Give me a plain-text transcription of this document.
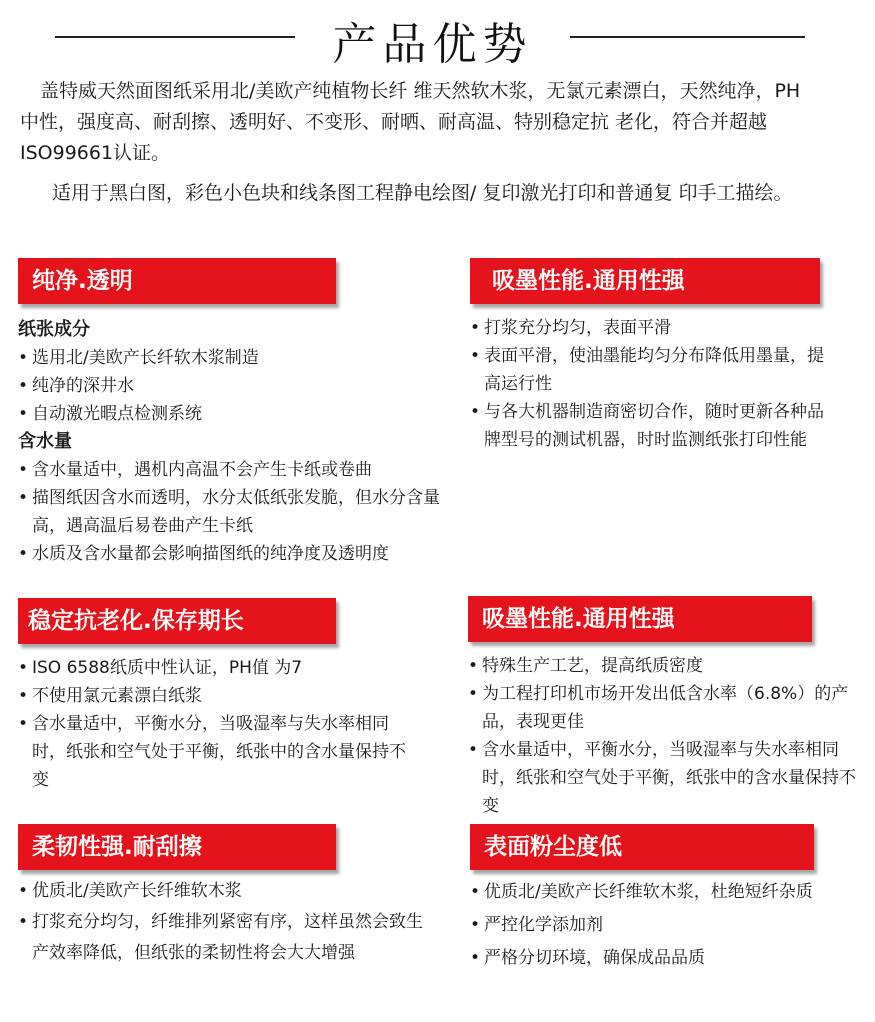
产品优势

盖特威天然面图纸采用北/美欧产纯植物长纤 维天然软木浆，无氯元素漂白，天然纯净，PH中性，强度高、耐刮擦、透明好、不变形、耐晒、耐高温、特别稳定抗 老化，符合并超越ISO99661认证。

适用于黑白图，彩色小色块和线条图工程静电绘图/ 复印激光打印和普通复 印手工描绘。

纯净.透明
纸张成分
• 选用北/美欧产长纤软木浆制造
• 纯净的深井水
• 自动激光暇点检测系统
含水量
• 含水量适中，遇机内高温不会产生卡纸或卷曲
• 描图纸因含水而透明，水分太低纸张发脆，但水分含量高，遇高温后易卷曲产生卡纸
• 水质及含水量都会影响描图纸的纯净度及透明度
吸墨性能.通用性强
• 打浆充分均匀，表面平滑
• 表面平滑，使油墨能均匀分布降低用墨量，提高运行性
• 与各大机器制造商密切合作，随时更新各种品牌型号的测试机器，时时监测纸张打印性能
稳定抗老化.保存期长
• ISO 6588纸质中性认证，PH值 为7
• 不使用氯元素漂白纸浆
• 含水量适中，平衡水分，当吸湿率与失水率相同时，纸张和空气处于平衡，纸张中的含水量保持不变
吸墨性能.通用性强
• 特殊生产工艺，提高纸质密度
• 为工程打印机市场开发出低含水率（6.8%）的产品，表现更佳
• 含水量适中，平衡水分，当吸湿率与失水率相同时，纸张和空气处于平衡，纸张中的含水量保持不变
柔韧性强.耐刮擦
• 优质北/美欧产长纤维软木浆
• 打浆充分均匀，纤维排列紧密有序，这样虽然会致生产效率降低，但纸张的柔韧性将会大大增强
表面粉尘度低
• 优质北/美欧产长纤维软木浆，杜绝短纤杂质
• 严控化学添加剂
• 严格分切环境，确保成品品质
